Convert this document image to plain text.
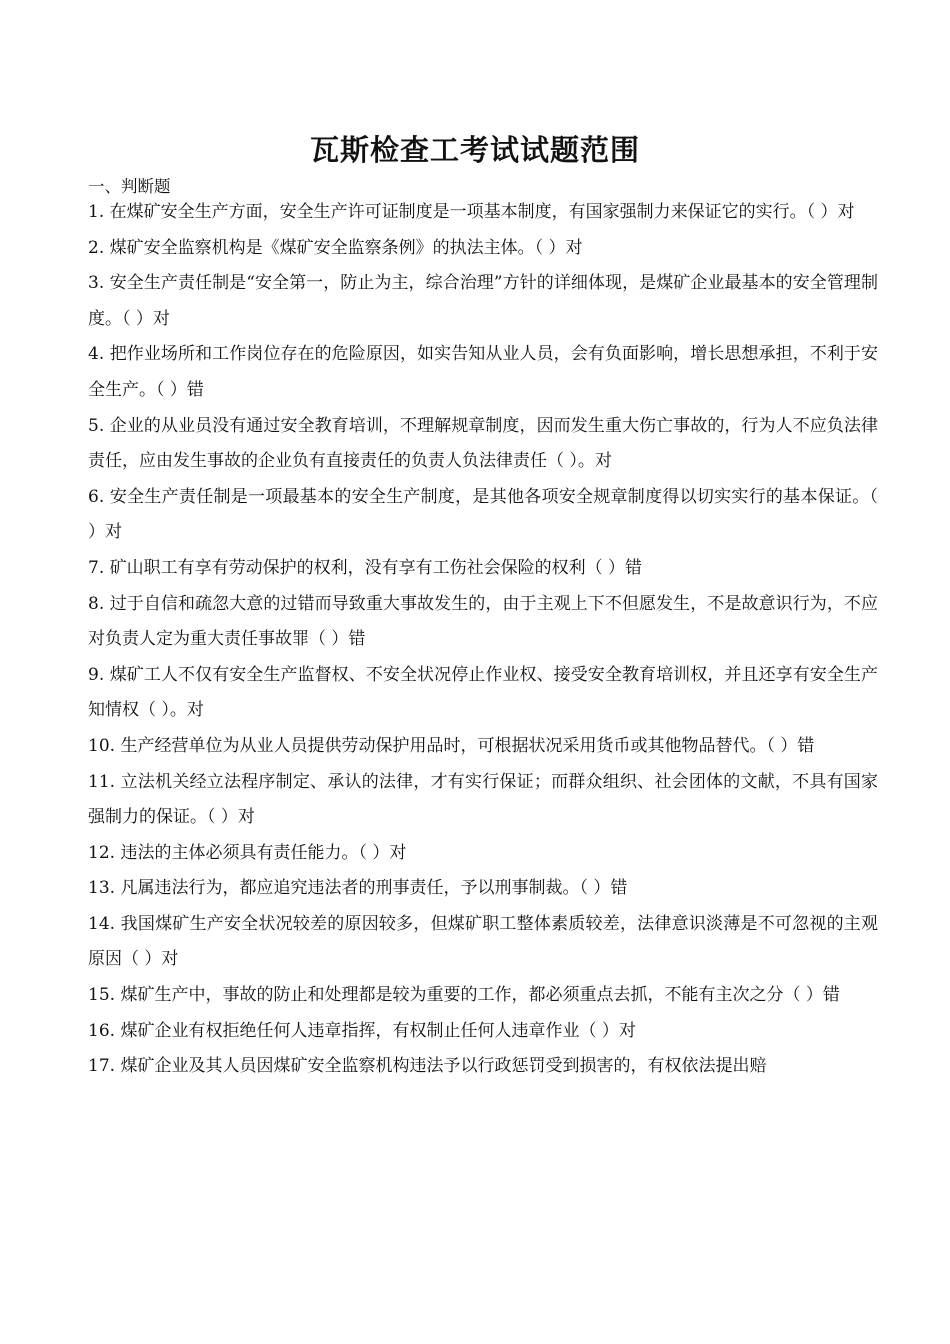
瓦斯检查工考试试题范围

一、判断题

1. 在煤矿安全生产方面，安全生产许可证制度是一项基本制度，有国家强制力来保证它的实行。（ ）对
2. 煤矿安全监察机构是《煤矿安全监察条例》的执法主体。（ ）对
3. 安全生产责任制是“安全第一，防止为主，综合治理”方针的详细体现，是煤矿企业最基本的安全管理制度。（ ）对
4. 把作业场所和工作岗位存在的危险原因，如实告知从业人员，会有负面影响，增长思想承担，不利于安全生产。（ ）错
5. 企业的从业员没有通过安全教育培训，不理解规章制度，因而发生重大伤亡事故的，行为人不应负法律责任，应由发生事故的企业负有直接责任的负责人负法律责任（ ）。对
6. 安全生产责任制是一项最基本的安全生产制度，是其他各项安全规章制度得以切实实行的基本保证。（ ）对
7. 矿山职工有享有劳动保护的权利，没有享有工伤社会保险的权利（ ）错
8. 过于自信和疏忽大意的过错而导致重大事故发生的，由于主观上下不但愿发生，不是故意识行为，不应对负责人定为重大责任事故罪（ ）错
9. 煤矿工人不仅有安全生产监督权、不安全状况停止作业权、接受安全教育培训权，并且还享有安全生产知情权（ ）。对
10. 生产经营单位为从业人员提供劳动保护用品时，可根据状况采用货币或其他物品替代。（ ）错
11. 立法机关经立法程序制定、承认的法律，才有实行保证；而群众组织、社会团体的文献，不具有国家强制力的保证。（ ）对
12. 违法的主体必须具有责任能力。（ ）对
13. 凡属违法行为，都应追究违法者的刑事责任，予以刑事制裁。（ ）错
14. 我国煤矿生产安全状况较差的原因较多，但煤矿职工整体素质较差，法律意识淡薄是不可忽视的主观原因（ ）对
15. 煤矿生产中，事故的防止和处理都是较为重要的工作，都必须重点去抓，不能有主次之分（ ）错
16. 煤矿企业有权拒绝任何人违章指挥，有权制止任何人违章作业（ ）对
17. 煤矿企业及其人员因煤矿安全监察机构违法予以行政惩罚受到损害的，有权依法提出赔
